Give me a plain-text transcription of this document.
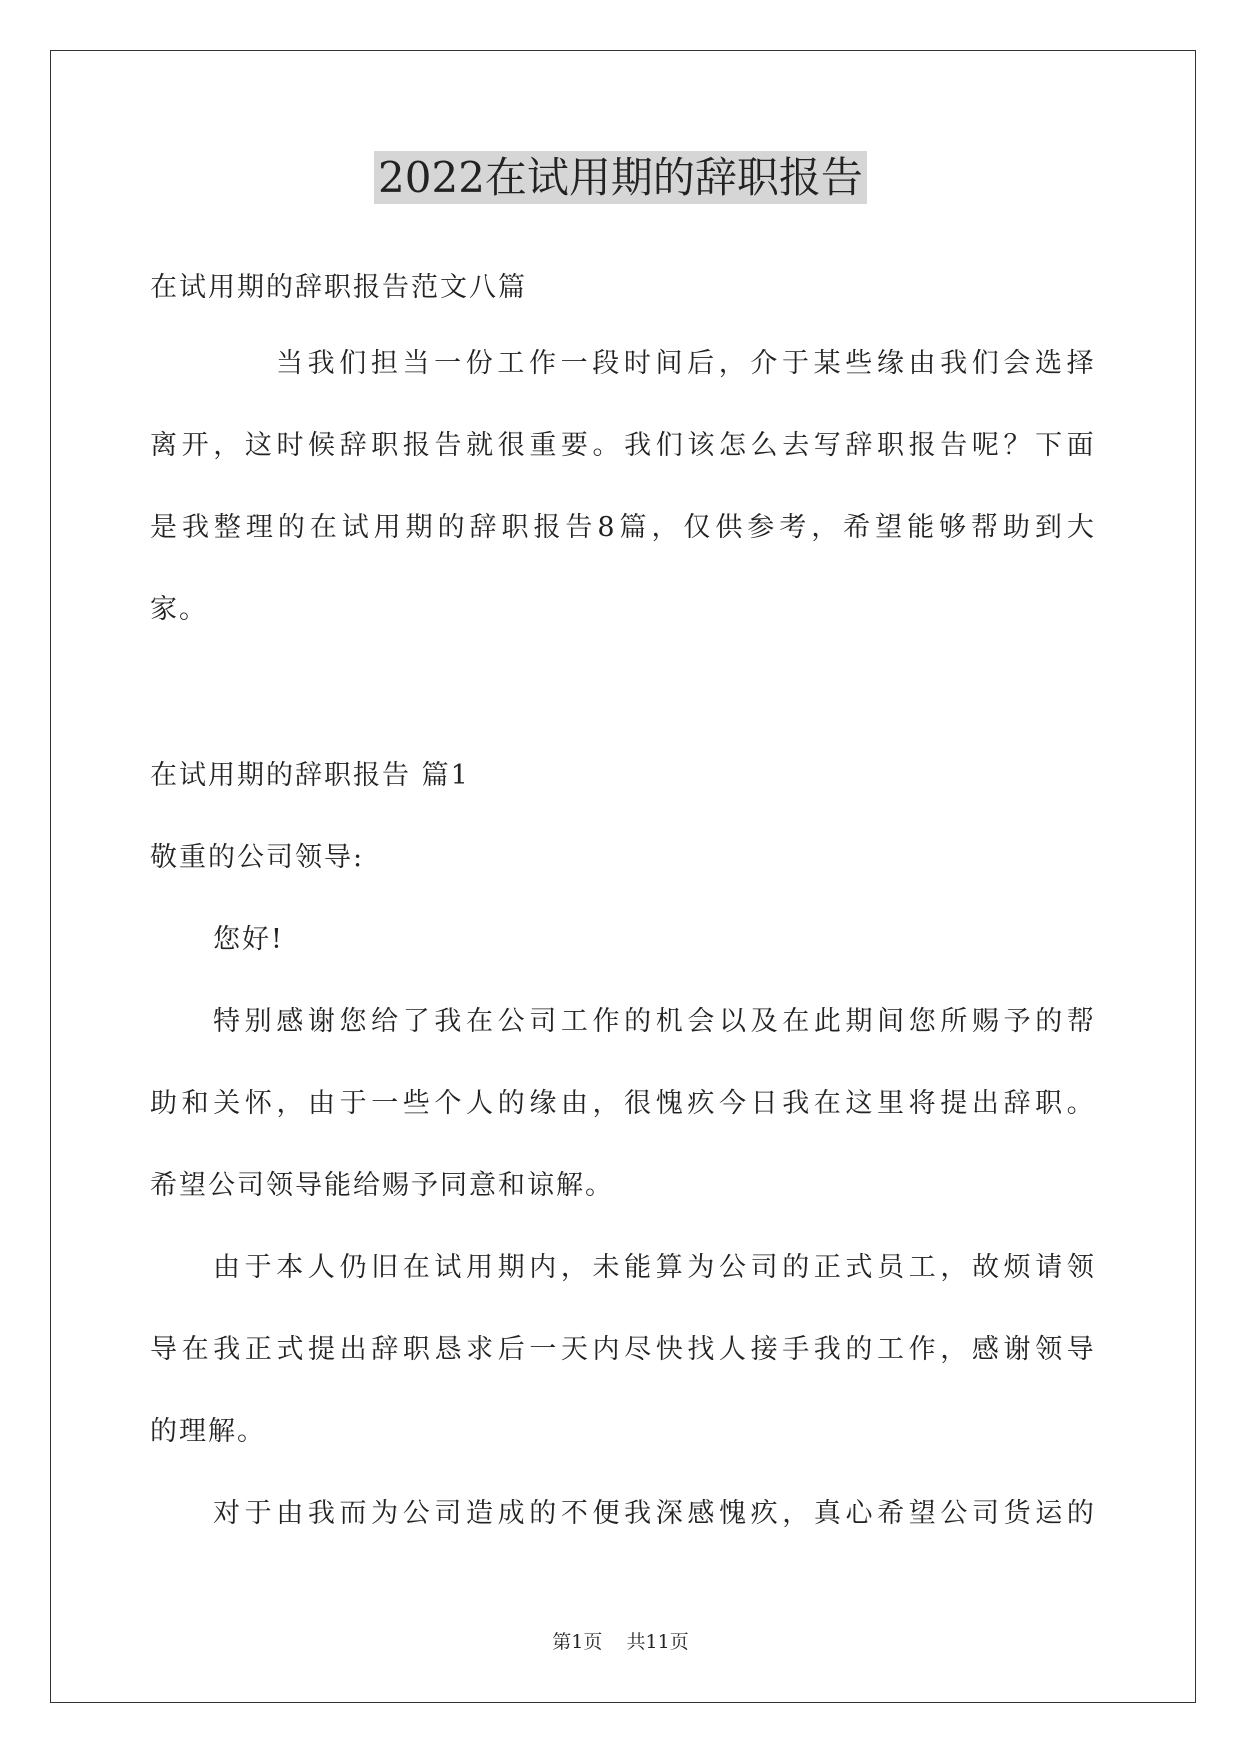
2022在试用期的辞职报告
在试用期的辞职报告范文八篇
当 我 们 担 当 一 份 工 作 一 段 时 间 后 ， 介 于 某 些 缘 由 我 们 会 选 择
离 开 ， 这 时 候 辞 职 报 告 就 很 重 要 。 我 们 该 怎 么 去 写 辞 职 报 告 呢 ？ 下 面
是 我 整 理 的 在 试 用 期 的 辞 职 报 告 8 篇 ， 仅 供 参 考 ， 希 望 能 够 帮 助 到 大
家。
在试用期的辞职报告 篇1
敬重的公司领导:
您好!
特 别 感 谢 您 给 了 我 在 公 司 工 作 的 机 会 以 及 在 此 期 间 您 所 赐 予 的 帮
助 和 关 怀 ， 由 于 一 些 个 人 的 缘 由 ， 很 愧 疚 今 日 我 在 这 里 将 提 出 辞 职 。
希望公司领导能给赐予同意和谅解。
由 于 本 人 仍 旧 在 试 用 期 内 ， 未 能 算 为 公 司 的 正 式 员 工 ， 故 烦 请 领
导 在 我 正 式 提 出 辞 职 恳 求 后 一 天 内 尽 快 找 人 接 手 我 的 工 作 ， 感 谢 领 导
的理解。
对 于 由 我 而 为 公 司 造 成 的 不 便 我 深 感 愧 疚 ， 真 心 希 望 公 司 货 运 的
第1页 共11页
